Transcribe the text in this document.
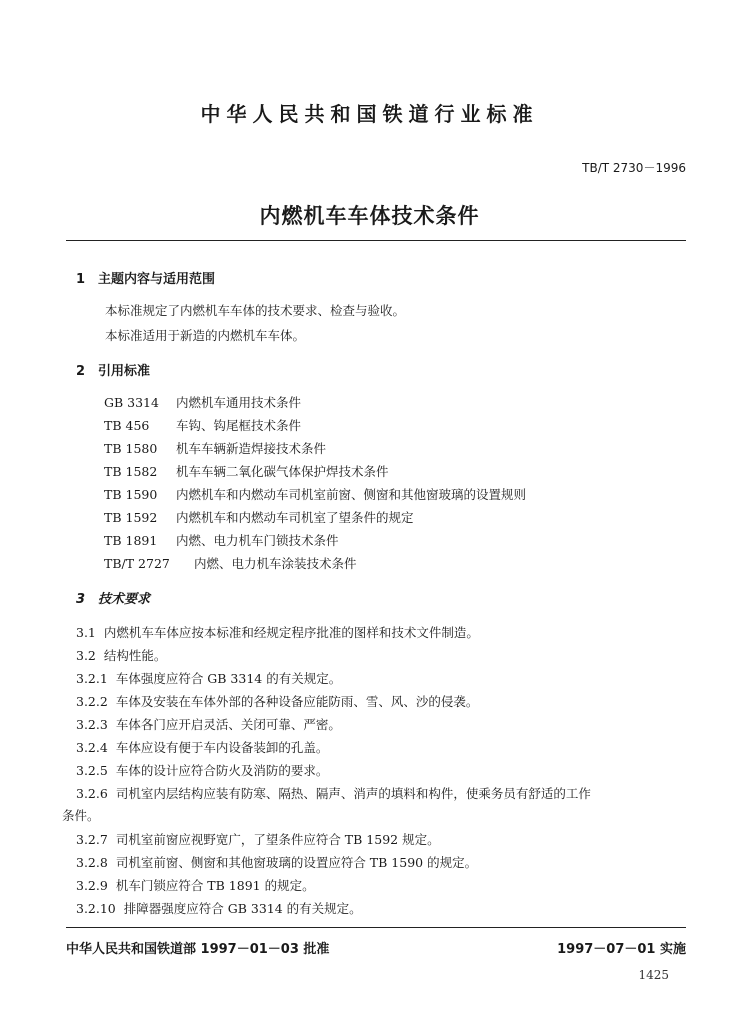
中华人民共和国铁道行业标准
TB/T 2730－1996
内燃机车车体技术条件
1 主题内容与适用范围
本标准规定了内燃机车车体的技术要求、检查与验收。
本标准适用于新造的内燃机车车体。
2 引用标准
GB 3314 内燃机车通用技术条件
TB 456 车钩、钩尾框技术条件
TB 1580 机车车辆新造焊接技术条件
TB 1582 机车车辆二氧化碳气体保护焊技术条件
TB 1590 内燃机车和内燃动车司机室前窗、侧窗和其他窗玻璃的设置规则
TB 1592 内燃机车和内燃动车司机室了望条件的规定
TB 1891 内燃、电力机车门锁技术条件
TB/T 2727 内燃、电力机车涂装技术条件
3 技术要求
3.1 内燃机车车体应按本标准和经规定程序批准的图样和技术文件制造。
3.2 结构性能。
3.2.1 车体强度应符合 GB 3314 的有关规定。
3.2.2 车体及安装在车体外部的各种设备应能防雨、雪、风、沙的侵袭。
3.2.3 车体各门应开启灵活、关闭可靠、严密。
3.2.4 车体应设有便于车内设备装卸的孔盖。
3.2.5 车体的设计应符合防火及消防的要求。
3.2.6 司机室内层结构应装有防寒、隔热、隔声、消声的填料和构件，使乘务员有舒适的工作
条件。
3.2.7 司机室前窗应视野宽广，了望条件应符合 TB 1592 规定。
3.2.8 司机室前窗、侧窗和其他窗玻璃的设置应符合 TB 1590 的规定。
3.2.9 机车门锁应符合 TB 1891 的规定。
3.2.10 排障器强度应符合 GB 3314 的有关规定。
中华人民共和国铁道部 1997－01－03 批准	1997－07－01 实施
1425
